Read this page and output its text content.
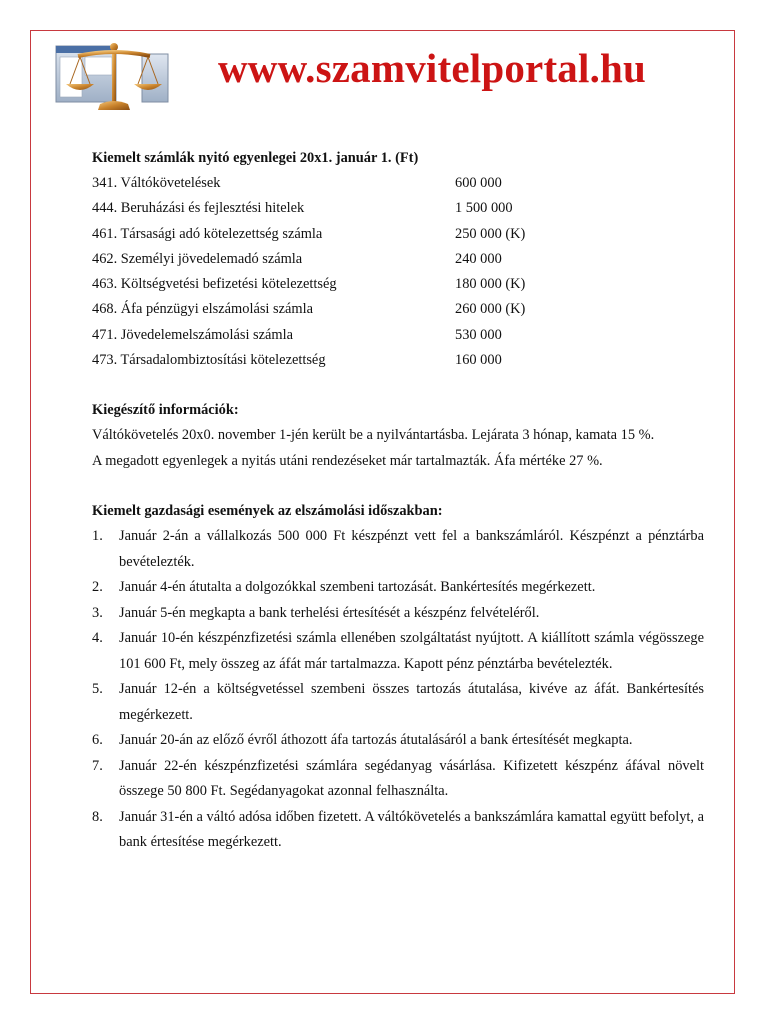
www.szamvitelportal.hu
Kiemelt számlák nyitó egyenlegei 20x1. január 1. (Ft)
341. Váltókövetelések	600 000
444. Beruházási és fejlesztési hitelek	1 500 000
461. Társasági adó kötelezettség számla	250 000 (K)
462. Személyi jövedelemadó számla	240 000
463. Költségvetési befizetési kötelezettség	180 000 (K)
468. Áfa pénzügyi elszámolási számla	260 000 (K)
471. Jövedelemelszámolási számla	530 000
473. Társadalombiztosítási kötelezettség	160 000
Kiegészítő információk:
Váltókövetelés 20x0. november 1-jén került be a nyilvántartásba. Lejárata 3 hónap, kamata 15 %.
A megadott egyenlegek a nyitás utáni rendezéseket már tartalmazták. Áfa mértéke 27 %.
Kiemelt gazdasági események az elszámolási időszakban:
1.	Január 2-án a vállalkozás 500 000 Ft készpénzt vett fel a bankszámláról. Készpénzt a pénztárba bevételezték.
2.	Január 4-én átutalta a dolgozókkal szembeni tartozását. Bankértesítés megérkezett.
3.	Január 5-én megkapta a bank terhelési értesítését a készpénz felvételéről.
4.	Január 10-én készpénzfizetési számla ellenében szolgáltatást nyújtott. A kiállított számla végösszege 101 600 Ft, mely összeg az áfát már tartalmazza. Kapott pénz pénztárba bevételezték.
5.	Január 12-én a költségvetéssel szembeni összes tartozás átutalása, kivéve az áfát. Bankértesítés megérkezett.
6.	Január 20-án az előző évről áthozott áfa tartozás átutalásáról a bank értesítését megkapta.
7.	Január 22-én készpénzfizetési számlára segédanyag vásárlása. Kifizetett készpénz áfával növelt összege 50 800 Ft. Segédanyagokat azonnal felhasználta.
8.	Január 31-én a váltó adósa időben fizetett. A váltókövetelés a bankszámlára kamattal együtt befolyt, a bank értesítése megérkezett.
